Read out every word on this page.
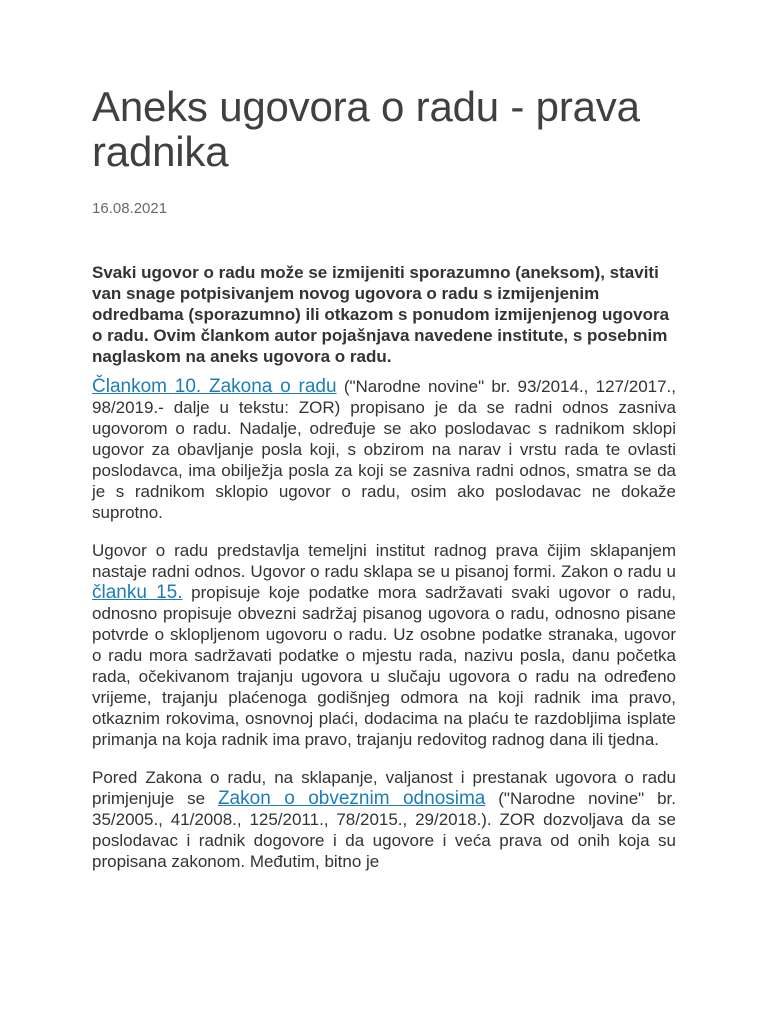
Aneks ugovora o radu - prava radnika
16.08.2021
Svaki ugovor o radu može se izmijeniti sporazumno (aneksom), staviti van snage potpisivanjem novog ugovora o radu s izmijenjenim odredbama (sporazumno) ili otkazom s ponudom izmijenjenog ugovora o radu. Ovim člankom autor pojašnjava navedene institute, s posebnim naglaskom na aneks ugovora o radu.

Člankom 10. Zakona o radu ("Narodne novine" br. 93/2014., 127/2017., 98/2019.- dalje u tekstu: ZOR) propisano je da se radni odnos zasniva ugovorom o radu. Nadalje, određuje se ako poslodavac s radnikom sklopi ugovor za obavljanje posla koji, s obzirom na narav i vrstu rada te ovlasti poslodavca, ima obilježja posla za koji se zasniva radni odnos, smatra se da je s radnikom sklopio ugovor o radu, osim ako poslodavac ne dokaže suprotno.

Ugovor o radu predstavlja temeljni institut radnog prava čijim sklapanjem nastaje radni odnos. Ugovor o radu sklapa se u pisanoj formi. Zakon o radu u članku 15. propisuje koje podatke mora sadržavati svaki ugovor o radu, odnosno propisuje obvezni sadržaj pisanog ugovora o radu, odnosno pisane potvrde o sklopljenom ugovoru o radu. Uz osobne podatke stranaka, ugovor o radu mora sadržavati podatke o mjestu rada, nazivu posla, danu početka rada, očekivanom trajanju ugovora u slučaju ugovora o radu na određeno vrijeme, trajanju plaćenoga godišnjeg odmora na koji radnik ima pravo, otkaznim rokovima, osnovnoj plaći, dodacima na plaću te razdobljima isplate primanja na koja radnik ima pravo, trajanju redovitog radnog dana ili tjedna.

Pored Zakona o radu, na sklapanje, valjanost i prestanak ugovora o radu primjenjuje se Zakon o obveznim odnosima ("Narodne novine" br. 35/2005., 41/2008., 125/2011., 78/2015., 29/2018.). ZOR dozvoljava da se poslodavac i radnik dogovore i da ugovore i veća prava od onih koja su propisana zakonom. Međutim, bitno je
